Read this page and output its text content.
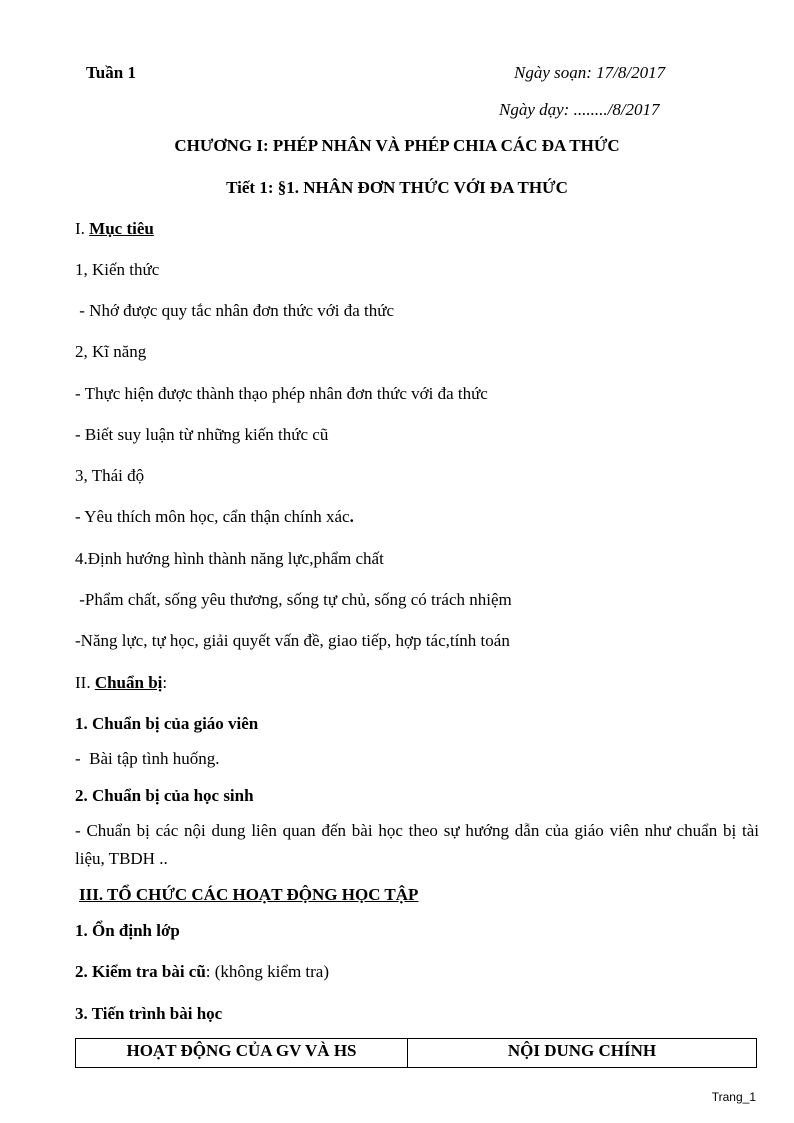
Tuần 1	Ngày soạn: 17/8/2017
Ngày dạy: ......../8/2017
CHƯƠNG I: PHÉP NHÂN VÀ PHÉP CHIA CÁC ĐA THỨC
Tiết 1: §1. NHÂN ĐƠN THỨC VỚI ĐA THỨC
I. Mục tiêu
1, Kiến thức
- Nhớ được quy tắc nhân đơn thức với đa thức
2, Kĩ năng
- Thực hiện được thành thạo phép nhân đơn thức với đa thức
- Biết suy luận từ những kiến thức cũ
3, Thái độ
- Yêu thích môn học, cẩn thận chính xác.
4.Định hướng hình thành năng lực,phẩm chất
-Phẩm chất, sống yêu thương, sống tự chủ, sống có trách nhiệm
-Năng lực, tự học, giải quyết vấn đề, giao tiếp, hợp tác,tính toán
II. Chuẩn bị:
1. Chuẩn bị của giáo viên
-  Bài tập tình huống.
2. Chuẩn bị của học sinh
- Chuẩn bị các nội dung liên quan đến bài học theo sự hướng dẫn của giáo viên như chuẩn bị tài liệu, TBDH ..
III. TỔ CHỨC CÁC HOẠT ĐỘNG HỌC TẬP
1. Ổn định lớp
2. Kiểm tra bài cũ: (không kiểm tra)
3. Tiến trình bài học
HOẠT ĐỘNG CỦA GV VÀ HS	NỘI DUNG CHÍNH
Trang_1
